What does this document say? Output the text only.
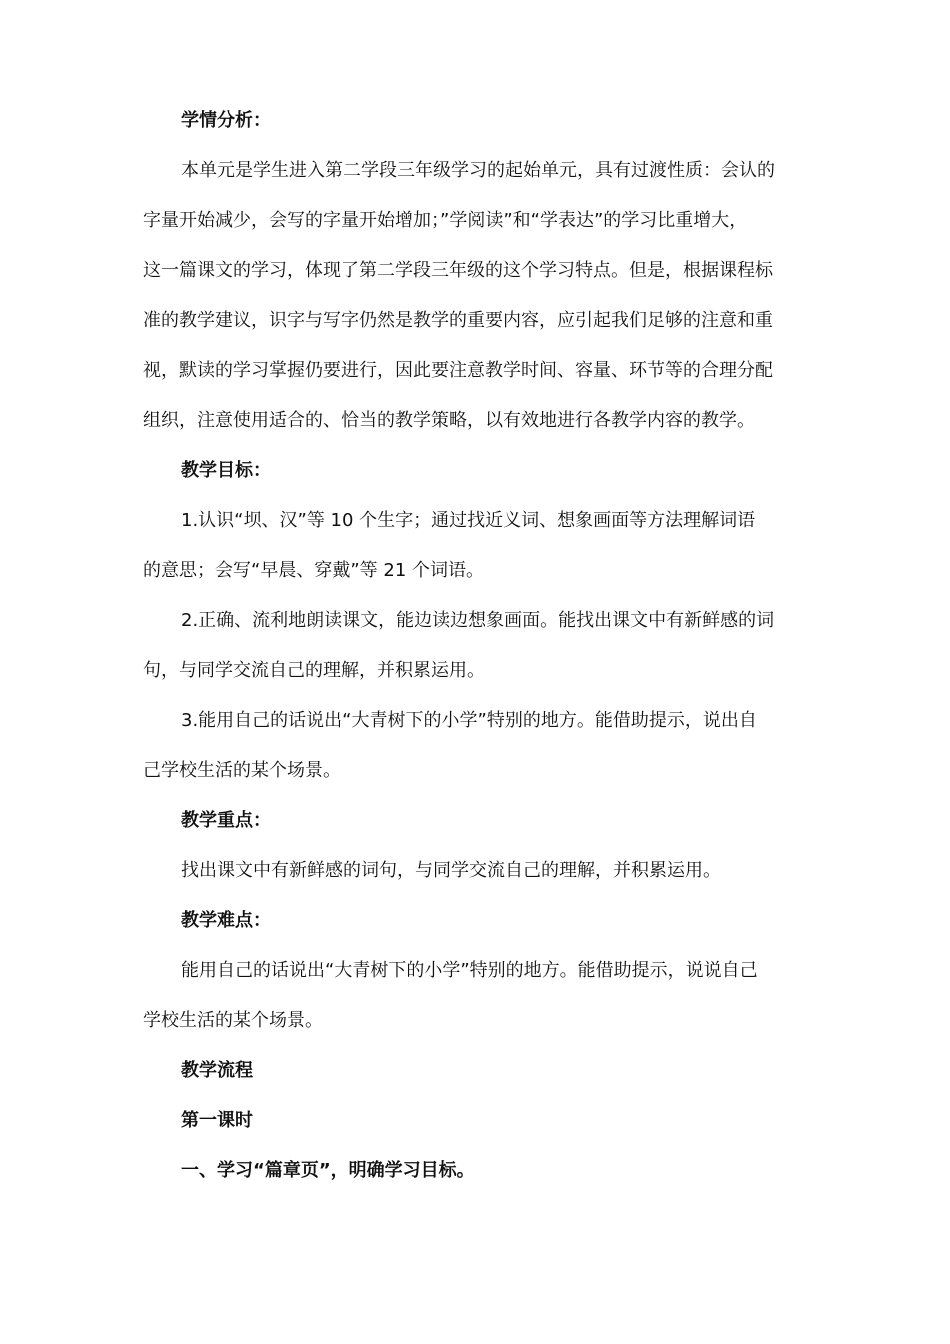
学情分析：
本单元是学生进入第二学段三年级学习的起始单元，具有过渡性质：会认的
字量开始减少，会写的字量开始增加；”学阅读”和“学表达”的学习比重增大，
这一篇课文的学习，体现了第二学段三年级的这个学习特点。但是，根据课程标
准的教学建议，识字与写字仍然是教学的重要内容，应引起我们足够的注意和重
视，默读的学习掌握仍要进行，因此要注意教学时间、容量、环节等的合理分配
组织，注意使用适合的、恰当的教学策略，以有效地进行各教学内容的教学。
教学目标：
1.认识“坝、汉”等 10 个生字；通过找近义词、想象画面等方法理解词语
的意思；会写“早晨、穿戴”等 21 个词语。
2.正确、流利地朗读课文，能边读边想象画面。能找出课文中有新鲜感的词
句，与同学交流自己的理解，并积累运用。
3.能用自己的话说出“大青树下的小学”特别的地方。能借助提示，说出自
己学校生活的某个场景。
教学重点：
找出课文中有新鲜感的词句，与同学交流自己的理解，并积累运用。
教学难点：
能用自己的话说出“大青树下的小学”特别的地方。能借助提示，说说自己
学校生活的某个场景。
教学流程
第一课时
一、学习“篇章页”，明确学习目标。
